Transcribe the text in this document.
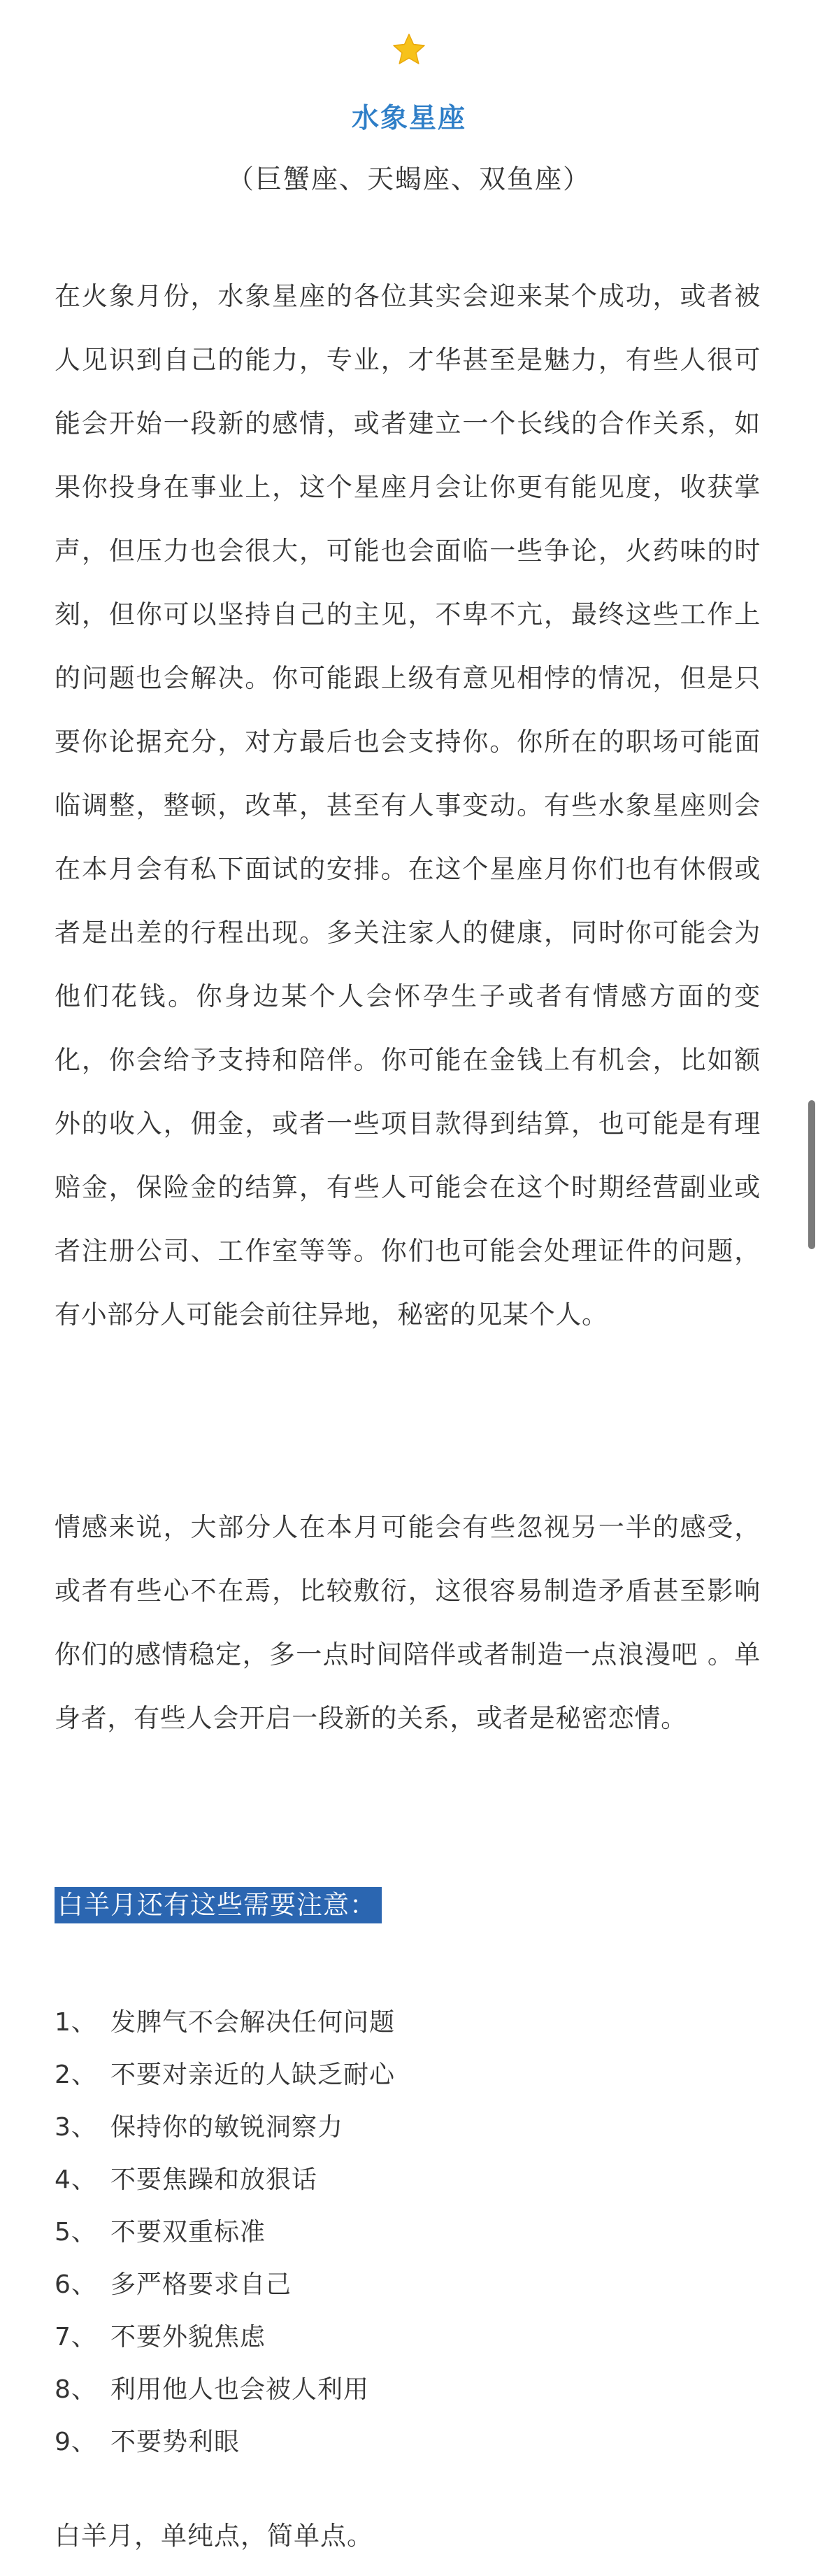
水象星座
（巨蟹座、天蝎座、双鱼座）

在火象月份，水象星座的各位其实会迎来某个成功，或者被人见识到自己的能力，专业，才华甚至是魅力，有些人很可能会开始一段新的感情，或者建立一个长线的合作关系，如果你投身在事业上，这个星座月会让你更有能见度，收获掌声，但压力也会很大，可能也会面临一些争论，火药味的时刻，但你可以坚持自己的主见，不卑不亢，最终这些工作上的问题也会解决。你可能跟上级有意见相悖的情况，但是只要你论据充分，对方最后也会支持你。你所在的职场可能面临调整，整顿，改革，甚至有人事变动。有些水象星座则会在本月会有私下面试的安排。在这个星座月你们也有休假或者是出差的行程出现。多关注家人的健康，同时你可能会为他们花钱。你身边某个人会怀孕生子或者有情感方面的变化，你会给予支持和陪伴。你可能在金钱上有机会，比如额外的收入，佣金，或者一些项目款得到结算，也可能是有理赔金，保险金的结算，有些人可能会在这个时期经营副业或者注册公司、工作室等等。你们也可能会处理证件的问题，有小部分人可能会前往异地，秘密的见某个人。

情感来说，大部分人在本月可能会有些忽视另一半的感受，或者有些心不在焉，比较敷衍，这很容易制造矛盾甚至影响你们的感情稳定，多一点时间陪伴或者制造一点浪漫吧 。单身者，有些人会开启一段新的关系，或者是秘密恋情。

白羊月还有这些需要注意：
1、 发脾气不会解决任何问题
2、 不要对亲近的人缺乏耐心
3、 保持你的敏锐洞察力
4、 不要焦躁和放狠话
5、 不要双重标准
6、 多严格要求自己
7、 不要外貌焦虑
8、 利用他人也会被人利用
9、 不要势利眼

白羊月，单纯点，简单点。
